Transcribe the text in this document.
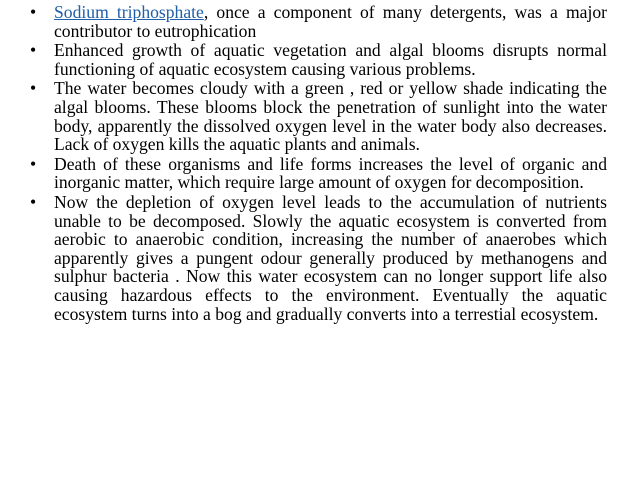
•	Sodium triphosphate, once a component of many detergents, was a major contributor to eutrophication
•	Enhanced growth of aquatic vegetation and algal blooms disrupts normal functioning of aquatic ecosystem causing various problems.
•	The water becomes cloudy with a green , red or yellow shade indicating the algal blooms. These blooms block the penetration of sunlight into the water body, apparently the dissolved oxygen level in the water body also decreases. Lack of oxygen kills the aquatic plants and animals.
•	Death of these organisms and life forms increases the level of organic and inorganic matter, which require large amount of oxygen for decomposition.
•	Now the depletion of oxygen level leads to the accumulation of nutrients unable to be decomposed. Slowly the aquatic ecosystem is converted from aerobic to anaerobic condition, increasing the number of anaerobes which apparently gives a pungent odour generally produced by methanogens and sulphur bacteria . Now this water ecosystem can no longer support life also causing hazardous effects to the environment. Eventually the aquatic ecosystem turns into a bog and gradually converts into a terrestial ecosystem.
